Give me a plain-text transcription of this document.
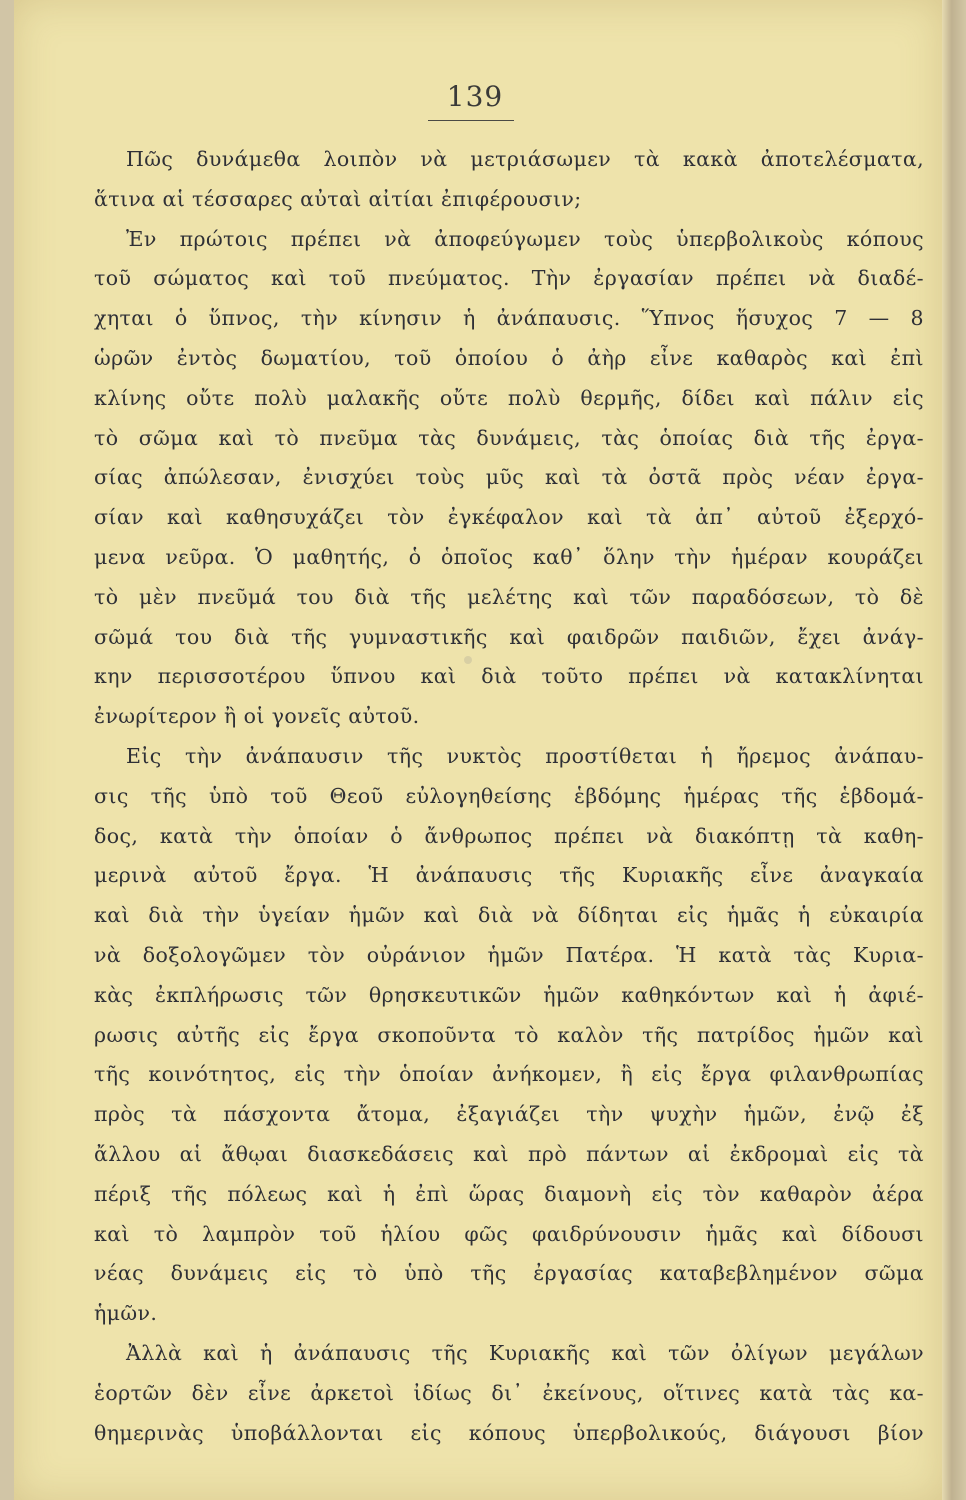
139
Πῶς δυνάμεθα λοιπὸν νὰ μετριάσωμεν τὰ κακὰ ἀποτελέσματα,
ἅτινα αἱ τέσσαρες αὐταὶ αἰτίαι ἐπιφέρουσιν;
Ἐν πρώτοις πρέπει νὰ ἀποφεύγωμεν τοὺς ὑπερβολικοὺς κόπους
τοῦ σώματος καὶ τοῦ πνεύματος. Τὴν ἐργασίαν πρέπει νὰ διαδέ-
χηται ὁ ὕπνος, τὴν κίνησιν ἡ ἀνάπαυσις. Ὕπνος ἥσυχος 7 — 8
ὡρῶν ἐντὸς δωματίου, τοῦ ὁποίου ὁ ἀὴρ εἶνε καθαρὸς καὶ ἐπὶ
κλίνης οὔτε πολὺ μαλακῆς οὔτε πολὺ θερμῆς, δίδει καὶ πάλιν εἰς
τὸ σῶμα καὶ τὸ πνεῦμα τὰς δυνάμεις, τὰς ὁποίας διὰ τῆς ἐργα-
σίας ἀπώλεσαν, ἐνισχύει τοὺς μῦς καὶ τὰ ὀστᾶ πρὸς νέαν ἐργα-
σίαν καὶ καθησυχάζει τὸν ἐγκέφαλον καὶ τὰ ἀπ᾽ αὐτοῦ ἐξερχό-
μενα νεῦρα. Ὁ μαθητής, ὁ ὁποῖος καθ᾽ ὅλην τὴν ἡμέραν κουράζει
τὸ μὲν πνεῦμά του διὰ τῆς μελέτης καὶ τῶν παραδόσεων, τὸ δὲ
σῶμά του διὰ τῆς γυμναστικῆς καὶ φαιδρῶν παιδιῶν, ἔχει ἀνάγ-
κην περισσοτέρου ὕπνου καὶ διὰ τοῦτο πρέπει νὰ κατακλίνηται
ἐνωρίτερον ἢ οἱ γονεῖς αὐτοῦ.
Εἰς τὴν ἀνάπαυσιν τῆς νυκτὸς προστίθεται ἡ ἤρεμος ἀνάπαυ-
σις τῆς ὑπὸ τοῦ Θεοῦ εὐλογηθείσης ἑβδόμης ἡμέρας τῆς ἑβδομά-
δος, κατὰ τὴν ὁποίαν ὁ ἄνθρωπος πρέπει νὰ διακόπτῃ τὰ καθη-
μερινὰ αὐτοῦ ἔργα. Ἡ ἀνάπαυσις τῆς Κυριακῆς εἶνε ἀναγκαία
καὶ διὰ τὴν ὑγείαν ἡμῶν καὶ διὰ νὰ δίδηται εἰς ἡμᾶς ἡ εὐκαιρία
νὰ δοξολογῶμεν τὸν οὐράνιον ἡμῶν Πατέρα. Ἡ κατὰ τὰς Κυρια-
κὰς ἐκπλήρωσις τῶν θρησκευτικῶν ἡμῶν καθηκόντων καὶ ἡ ἀφιέ-
ρωσις αὐτῆς εἰς ἔργα σκοποῦντα τὸ καλὸν τῆς πατρίδος ἡμῶν καὶ
τῆς κοινότητος, εἰς τὴν ὁποίαν ἀνήκομεν, ἢ εἰς ἔργα φιλανθρωπίας
πρὸς τὰ πάσχοντα ἄτομα, ἐξαγιάζει τὴν ψυχὴν ἡμῶν, ἐνῷ ἐξ
ἄλλου αἱ ἄθῳαι διασκεδάσεις καὶ πρὸ πάντων αἱ ἐκδρομαὶ εἰς τὰ
πέριξ τῆς πόλεως καὶ ἡ ἐπὶ ὥρας διαμονὴ εἰς τὸν καθαρὸν ἀέρα
καὶ τὸ λαμπρὸν τοῦ ἡλίου φῶς φαιδρύνουσιν ἡμᾶς καὶ δίδουσι
νέας δυνάμεις εἰς τὸ ὑπὸ τῆς ἐργασίας καταβεβλημένον σῶμα
ἡμῶν.
Ἀλλὰ καὶ ἡ ἀνάπαυσις τῆς Κυριακῆς καὶ τῶν ὀλίγων μεγάλων
ἑορτῶν δὲν εἶνε ἀρκετοὶ ἰδίως δι᾽ ἐκείνους, οἵτινες κατὰ τὰς κα-
θημερινὰς ὑποβάλλονται εἰς κόπους ὑπερβολικούς, διάγουσι βίον
